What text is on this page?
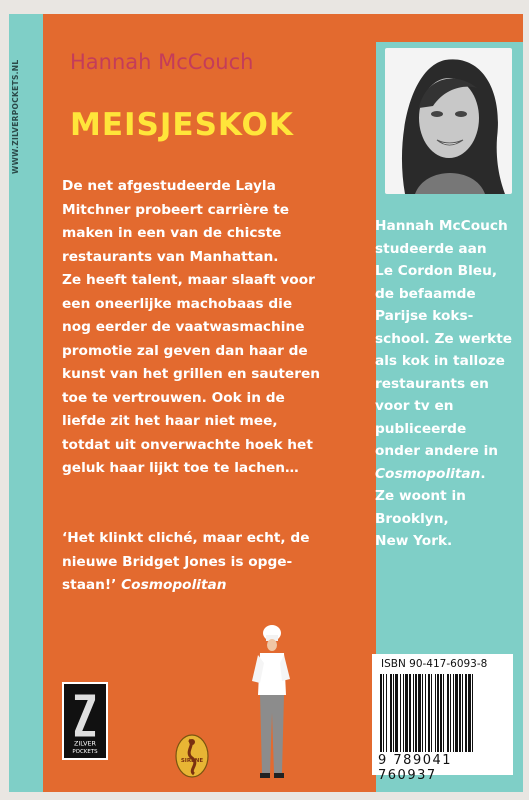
WWW.ZILVERPOCKETS.NL Hannah McCouch
MEISJESKOK
De net afgestudeerde Layla
Mitchner probeert carrière te
maken in een van de chicste
restaurants van Manhattan.
Ze heeft talent, maar slaaft voor
een oneerlijke machobaas die
nog eerder de vaatwasmachine
promotie zal geven dan haar de
kunst van het grillen en sauteren
toe te vertrouwen. Ook in de
liefde zit het haar niet mee,
totdat uit onverwachte hoek het
geluk haar lijkt toe te lachen…
‘Het klinkt cliché, maar echt, de
nieuwe Bridget Jones is opge-
staan!’ Cosmopolitan
Hannah McCouch
studeerde aan
Le Cordon Bleu,
de befaamde
Parijse koks-
school. Ze werkte
als kok in talloze
restaurants en
voor tv en
publiceerde
onder andere in
Cosmopolitan.
Ze woont in
Brooklyn,
New York.
ISBN 90-417-6093-8
9 789041 760937
ZILVER
POCKETS
SIRENE
